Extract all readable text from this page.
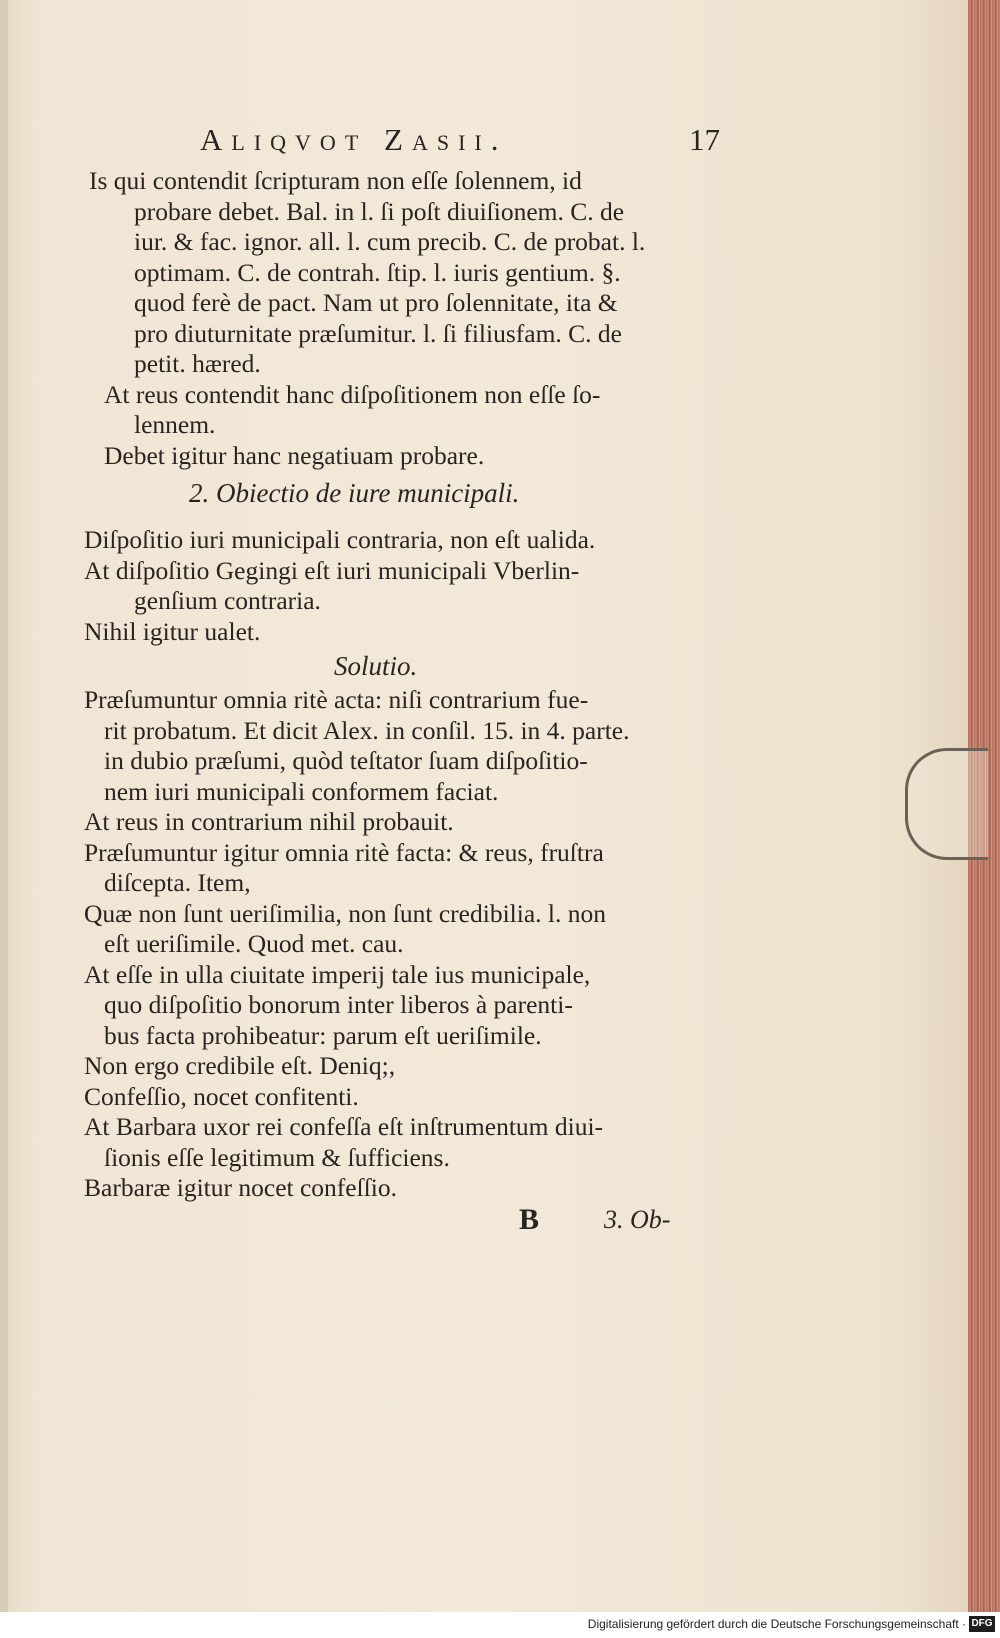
Aliqvot Zasii.	17
Is qui contendit ſcripturam non eſſe ſolennem, id
probare debet. Bal. in l. ſi poſt diuiſionem. C. de
iur. & fac. ignor. all. l. cum precib. C. de probat. l.
optimam. C. de contrah. ſtip. l. iuris gentium. §.
quod ferè de pact. Nam ut pro ſolennitate, ita &
pro diuturnitate præſumitur. l. ſi filiusfam. C. de
petit. hæred.
At reus contendit hanc diſpoſitionem non eſſe ſo-
lennem.
Debet igitur hanc negatiuam probare.
2. Obiectio de iure municipali.
Diſpoſitio iuri municipali contraria, non eſt ualida.
At diſpoſitio Gegingi eſt iuri municipali Vberlin-
genſium contraria.
Nihil igitur ualet.
Solutio.
Præſumuntur omnia ritè acta: niſi contrarium fue-
rit probatum. Et dicit Alex. in conſil. 15. in 4. parte.
in dubio præſumi, quòd teſtator ſuam diſpoſitio-
nem iuri municipali conformem faciat.
At reus in contrarium nihil probauit.
Præſumuntur igitur omnia ritè facta: & reus, fruſtra
diſcepta. Item,
Quæ non ſunt ueriſimilia, non ſunt credibilia. l. non
eſt ueriſimile. Quod met. cau.
At eſſe in ulla ciuitate imperij tale ius municipale,
quo diſpoſitio bonorum inter liberos à parenti-
bus facta prohibeatur: parum eſt ueriſimile.
Non ergo credibile eſt. Deniq;,
Confeſſio, nocet confitenti.
At Barbara uxor rei confeſſa eſt inſtrumentum diui-
ſionis eſſe legitimum & ſufficiens.
Barbaræ igitur nocet confeſſio.
B 3. Ob-
Digitalisierung gefördert durch die Deutsche Forschungsgemeinschaft · DFG
